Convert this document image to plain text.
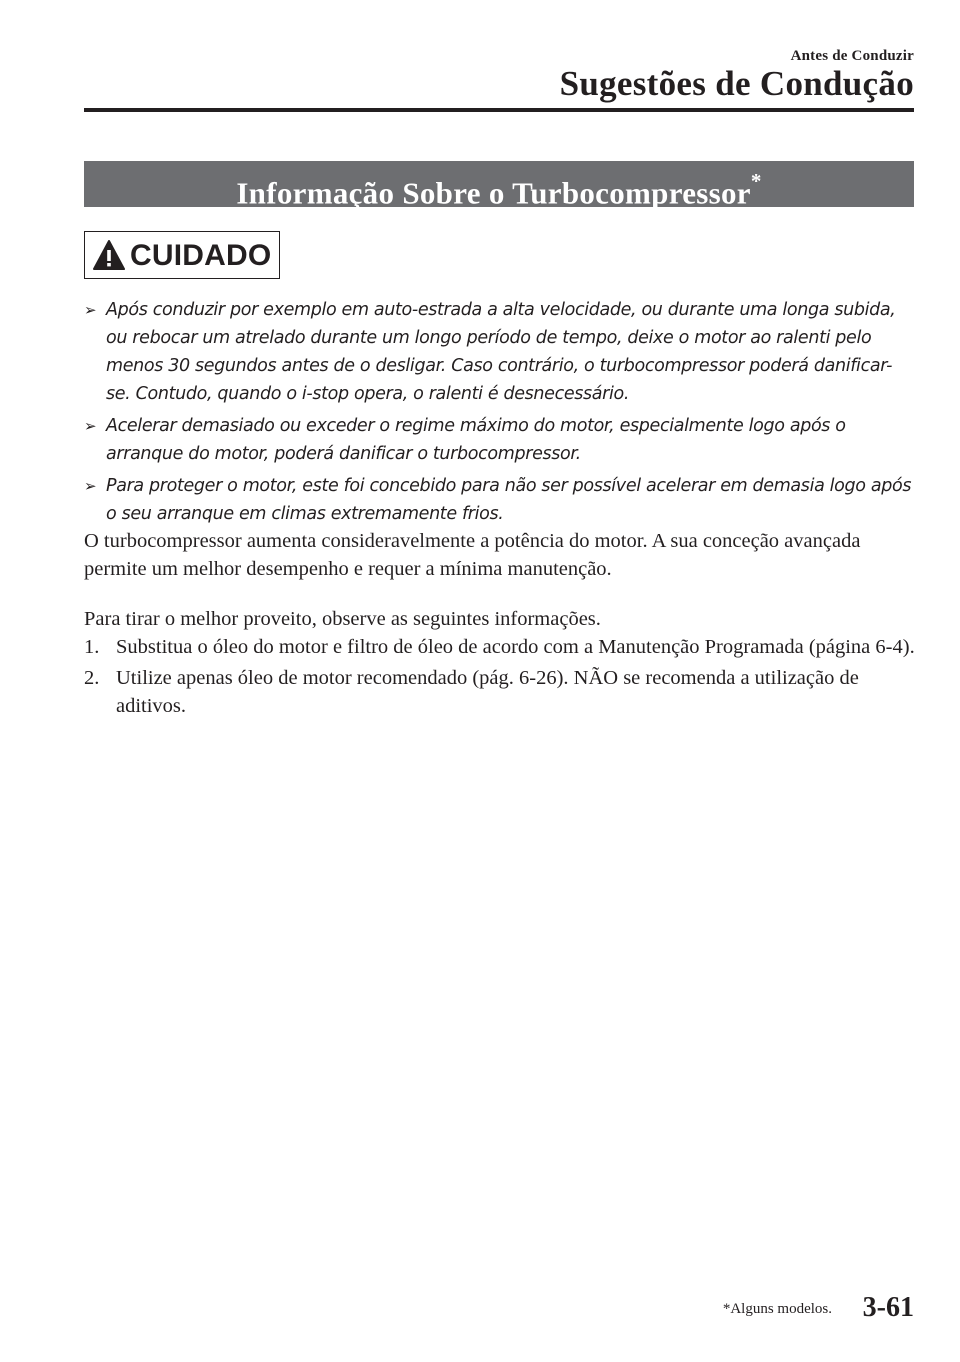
Antes de Conduzir
Sugestões de Condução
Informação Sobre o Turbocompressor*
CUIDADO
➢ Após conduzir por exemplo em auto-estrada a alta velocidade, ou durante uma longa subida, ou rebocar um atrelado durante um longo período de tempo, deixe o motor ao ralenti pelo menos 30 segundos antes de o desligar. Caso contrário, o turbocompressor poderá danificar-se. Contudo, quando o i-stop opera, o ralenti é desnecessário.
➢ Acelerar demasiado ou exceder o regime máximo do motor, especialmente logo após o arranque do motor, poderá danificar o turbocompressor.
➢ Para proteger o motor, este foi concebido para não ser possível acelerar em demasia logo após o seu arranque em climas extremamente frios.

O turbocompressor aumenta consideravelmente a potência do motor. A sua conceção avançada permite um melhor desempenho e requer a mínima manutenção.

Para tirar o melhor proveito, observe as seguintes informações.

1. Substitua o óleo do motor e filtro de óleo de acordo com a Manutenção Programada (página 6-4).
2. Utilize apenas óleo de motor recomendado (pág. 6-26). NÃO se recomenda a utilização de aditivos.
*Alguns modelos. 3-61
